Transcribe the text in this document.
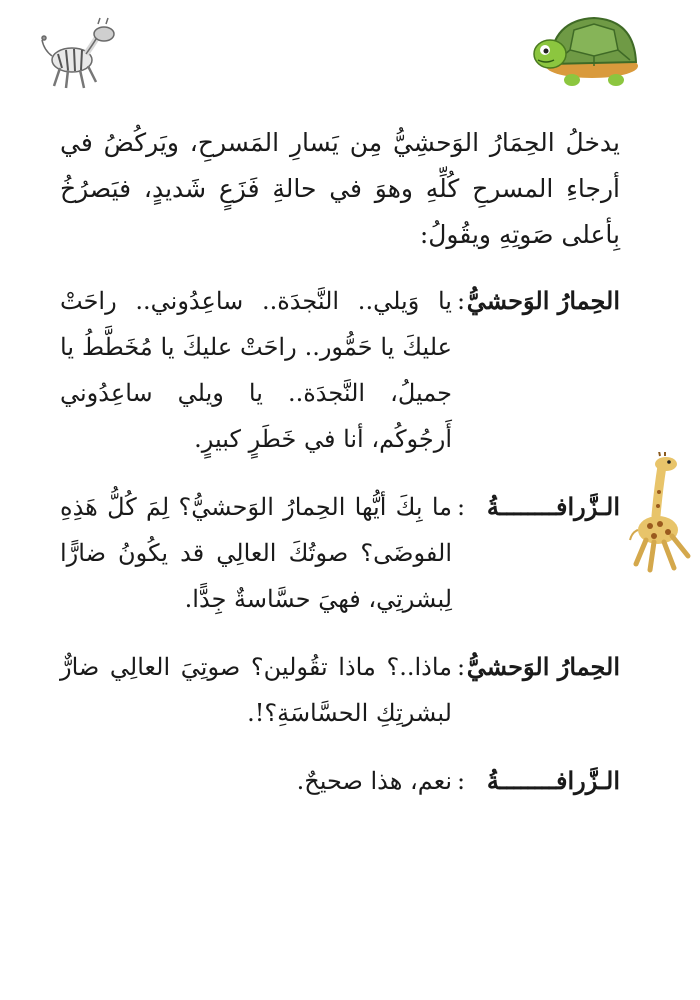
يدخلُ الحِمَارُ الوَحشِيُّ مِن يَسارِ المَسرحِ، ويَركُضُ في أرجاءِ المسرحِ كُلِّهِ وهوَ في حالةِ فَزَعٍ شَديدٍ، فيَصرُخُ بِأعلى صَوتِهِ ويقُولُ:

الحِمارُ الوَحشيُّ
:
يا وَيلي.. النَّجدَة.. ساعِدُوني.. راحَتْ عليكَ يا حَمُّور.. راحَتْ عليكَ يا مُخَطَّطُ يا جميلُ، النَّجدَة.. يا ويلي ساعِدُوني أَرجُوكُم، أنا في خَطَرٍ كبيرٍ.
الـزَّرافــــــــةُ
:
ما بِكَ أيُّها الحِمارُ الوَحشيُّ؟ لِمَ كُلُّ هَذِهِ الفوضَى؟ صوتُكَ العالِي قد يكُونُ ضارًّا لِبشرتِي، فهيَ حسَّاسةٌ جِدًّا.
الحِمارُ الوَحشيُّ
:
ماذا..؟ ماذا تقُولين؟ صوتِيَ العالِي ضارٌّ لبشرتِكِ الحسَّاسَةِ؟!.
الـزَّرافــــــــةُ
:
نعم، هذا صحيحٌ.
